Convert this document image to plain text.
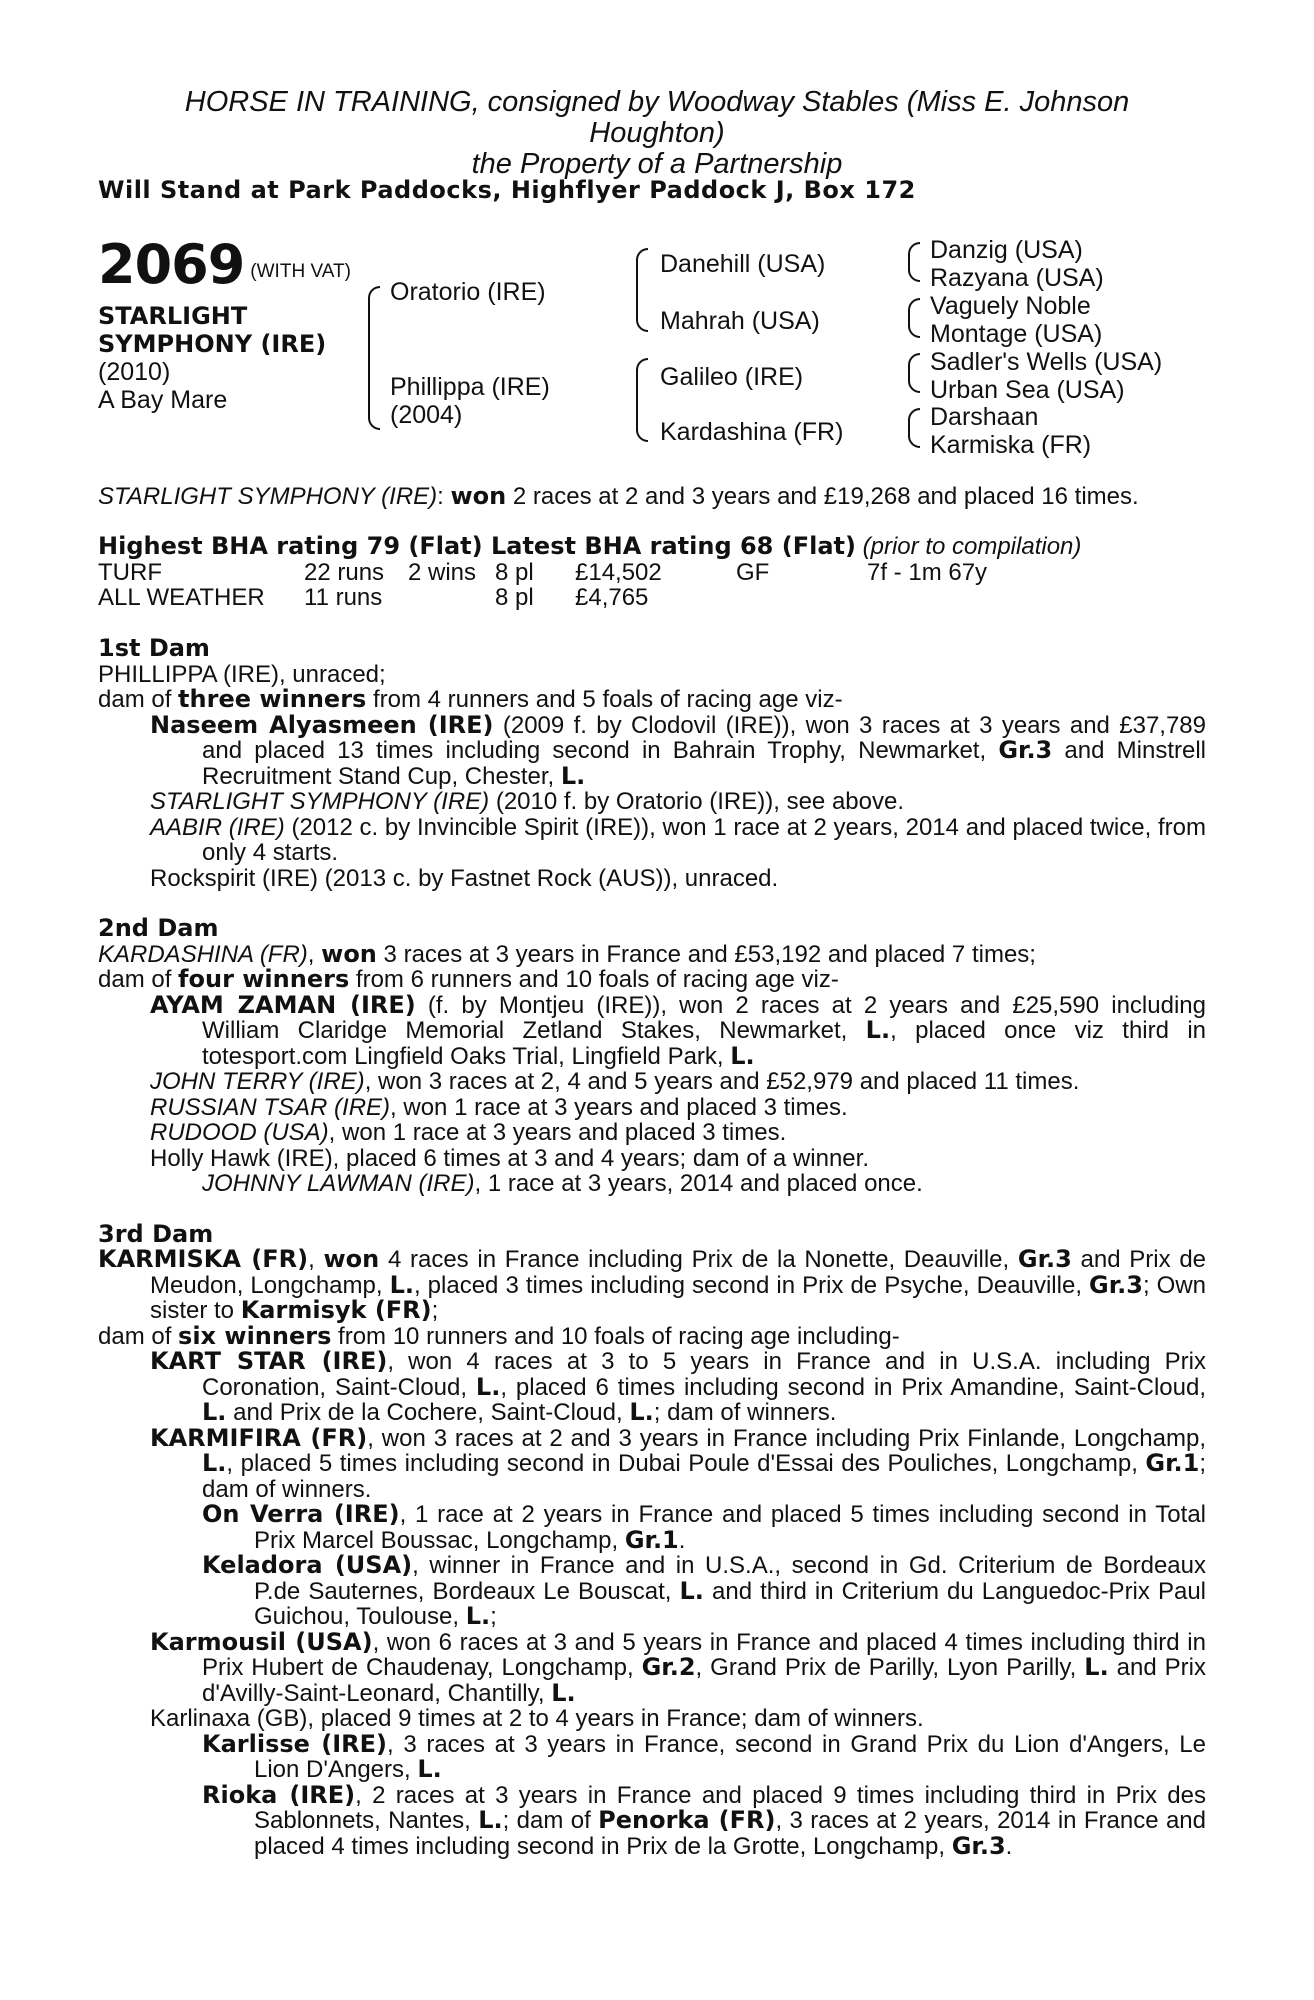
HORSE IN TRAINING, consigned by Woodway Stables (Miss E. Johnson
Houghton)
the Property of a Partnership
Will Stand at Park Paddocks, Highflyer Paddock J, Box 172
2069 $^{(WITH VAT)}$
STARLIGHT
SYMPHONY (IRE)
(2010)
A Bay Mare
Oratorio (IRE)
Phillippa (IRE)
(2004)
Danehill (USA)
Mahrah (USA)
Galileo (IRE)
Kardashina (FR)
Danzig (USA)
Razyana (USA)
Vaguely Noble
Montage (USA)
Sadler's Wells (USA)
Urban Sea (USA)
Darshaan
Karmiska (FR)
STARLIGHT SYMPHONY (IRE): won 2 races at 2 and 3 years and £19,268 and placed 16 times.
Highest BHA rating 79 (Flat) Latest BHA rating 68 (Flat) (prior to compilation)
TURF	22 runs	2 wins	8 pl	£14,502	GF	7f - 1m 67y
ALL WEATHER	11 runs		8 pl	£4,765		

1st Dam

PHILLIPPA (IRE), unraced;

dam of three winners from 4 runners and 5 foals of racing age viz-

Naseem Alyasmeen (IRE) (2009 f. by Clodovil (IRE)), won 3 races at 3 years and £37,789 and placed 13 times including second in Bahrain Trophy, Newmarket, Gr.3 and Minstrell Recruitment Stand Cup, Chester, L.

STARLIGHT SYMPHONY (IRE) (2010 f. by Oratorio (IRE)), see above.

AABIR (IRE) (2012 c. by Invincible Spirit (IRE)), won 1 race at 2 years, 2014 and placed twice, from only 4 starts.

Rockspirit (IRE) (2013 c. by Fastnet Rock (AUS)), unraced.

2nd Dam

KARDASHINA (FR), won 3 races at 3 years in France and £53,192 and placed 7 times;

dam of four winners from 6 runners and 10 foals of racing age viz-

AYAM ZAMAN (IRE) (f. by Montjeu (IRE)), won 2 races at 2 years and £25,590 including William Claridge Memorial Zetland Stakes, Newmarket, L., placed once viz third in totesport.com Lingfield Oaks Trial, Lingfield Park, L.

JOHN TERRY (IRE), won 3 races at 2, 4 and 5 years and £52,979 and placed 11 times.

RUSSIAN TSAR (IRE), won 1 race at 3 years and placed 3 times.

RUDOOD (USA), won 1 race at 3 years and placed 3 times.

Holly Hawk (IRE), placed 6 times at 3 and 4 years; dam of a winner.

JOHNNY LAWMAN (IRE), 1 race at 3 years, 2014 and placed once.

3rd Dam

KARMISKA (FR), won 4 races in France including Prix de la Nonette, Deauville, Gr.3 and Prix de Meudon, Longchamp, L., placed 3 times including second in Prix de Psyche, Deauville, Gr.3; Own sister to Karmisyk (FR);

dam of six winners from 10 runners and 10 foals of racing age including-

KART STAR (IRE), won 4 races at 3 to 5 years in France and in U.S.A. including Prix Coronation, Saint-Cloud, L., placed 6 times including second in Prix Amandine, Saint-Cloud, L. and Prix de la Cochere, Saint-Cloud, L.; dam of winners.

KARMIFIRA (FR), won 3 races at 2 and 3 years in France including Prix Finlande, Longchamp, L., placed 5 times including second in Dubai Poule d'Essai des Pouliches, Longchamp, Gr.1; dam of winners.

On Verra (IRE), 1 race at 2 years in France and placed 5 times including second in Total Prix Marcel Boussac, Longchamp, Gr.1.

Keladora (USA), winner in France and in U.S.A., second in Gd. Criterium de Bordeaux P.de Sauternes, Bordeaux Le Bouscat, L. and third in Criterium du Languedoc-Prix Paul Guichou, Toulouse, L.;

Karmousil (USA), won 6 races at 3 and 5 years in France and placed 4 times including third in Prix Hubert de Chaudenay, Longchamp, Gr.2, Grand Prix de Parilly, Lyon Parilly, L. and Prix d'Avilly-Saint-Leonard, Chantilly, L.

Karlinaxa (GB), placed 9 times at 2 to 4 years in France; dam of winners.

Karlisse (IRE), 3 races at 3 years in France, second in Grand Prix du Lion d'Angers, Le Lion D'Angers, L.

Rioka (IRE), 2 races at 3 years in France and placed 9 times including third in Prix des Sablonnets, Nantes, L.; dam of Penorka (FR), 3 races at 2 years, 2014 in France and placed 4 times including second in Prix de la Grotte, Longchamp, Gr.3.
